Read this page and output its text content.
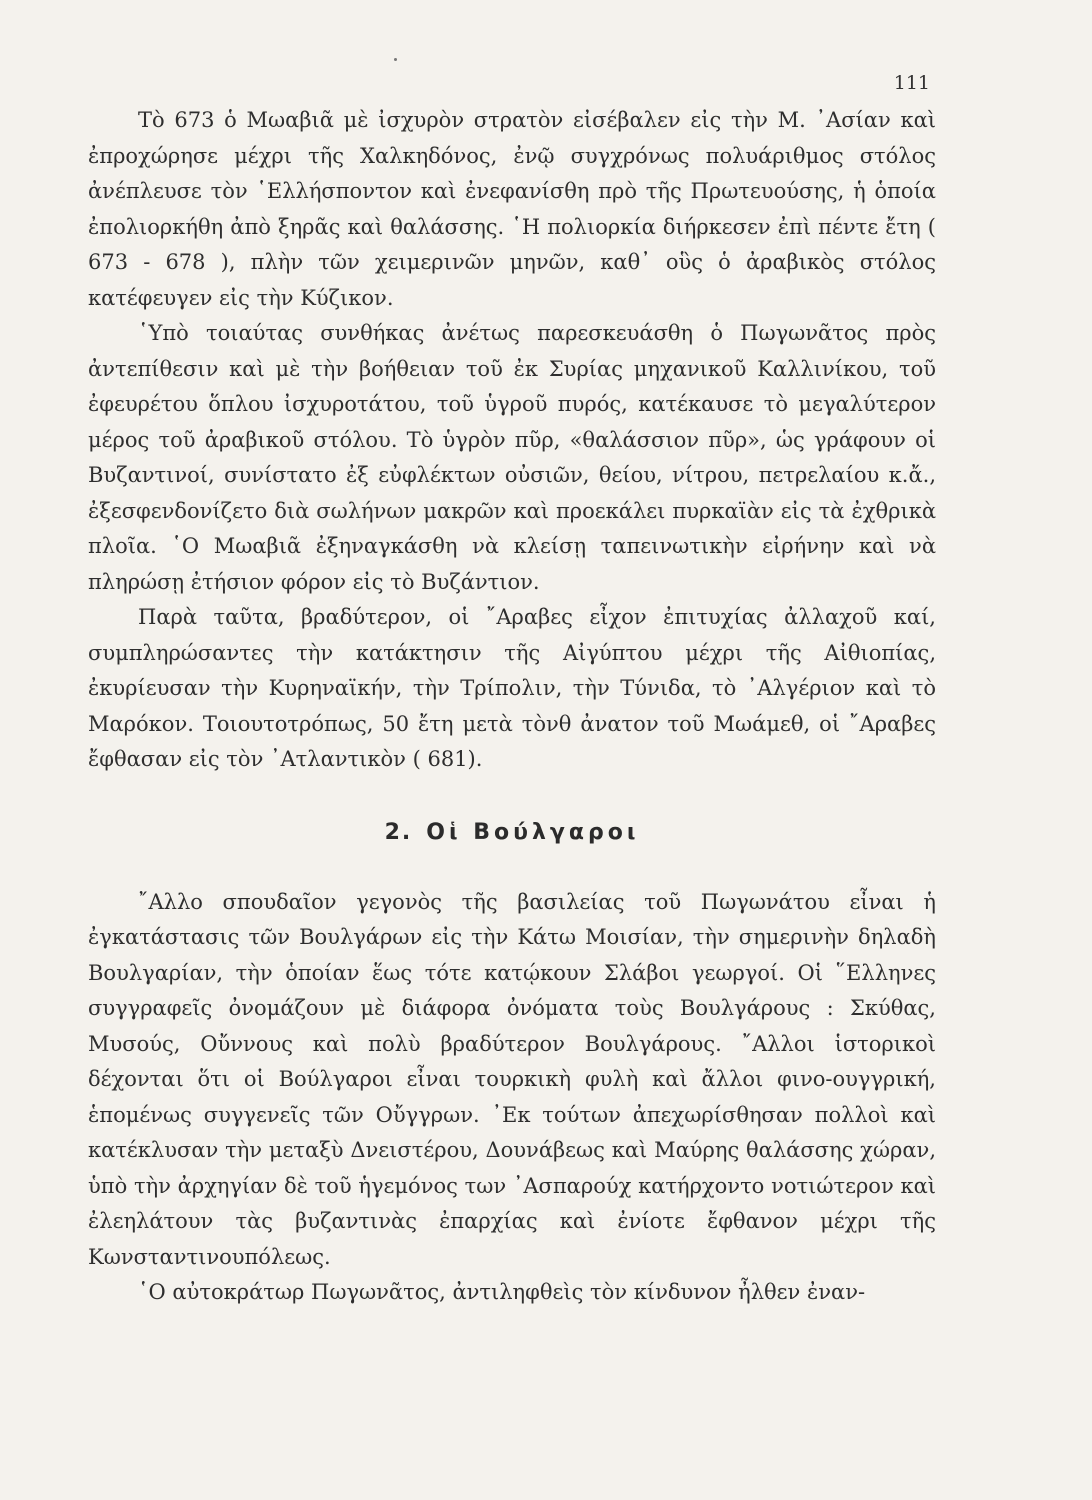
111

Τὸ 673 ὁ Μωαβιᾶ μὲ ἰσχυρὸν στρατὸν εἰσέβαλεν εἰς τὴν Μ. ᾿Ασίαν καὶ ἐπροχώρησε μέχρι τῆς Χαλκηδόνος, ἐνῷ συγχρόνως πολυάριθμος στόλος ἀνέπλευσε τὸν ῾Ελλήσποντον καὶ ἐνεφανίσθη πρὸ τῆς Πρωτευούσης, ἡ ὁποία ἐπολιορκήθη ἀπὸ ξηρᾶς καὶ θαλάσσης. ῾Η πολιορκία διήρκεσεν ἐπὶ πέντε ἔτη ( 673 - 678 ), πλὴν τῶν χειμερινῶν μηνῶν, καθ᾿ οὓς ὁ ἀραβικὸς στόλος κατέφευγεν εἰς τὴν Κύζικον.

῾Υπὸ τοιαύτας συνθήκας ἀνέτως παρεσκευάσθη ὁ Πωγωνᾶτος πρὸς ἀντεπίθεσιν καὶ μὲ τὴν βοήθειαν τοῦ ἐκ Συρίας μηχανικοῦ Καλλινίκου, τοῦ ἐφευρέτου ὅπλου ἰσχυροτάτου, τοῦ ὑγροῦ πυρός, κατέκαυσε τὸ μεγαλύτερον μέρος τοῦ ἀραβικοῦ στόλου. Τὸ ὑγρὸν πῦρ, «θαλάσσιον πῦρ», ὡς γράφουν οἱ Βυζαντινοί, συνίστατο ἐξ εὐφλέκτων οὐσιῶν, θείου, νίτρου, πετρελαίου κ.ἄ., ἐξεσφενδονίζετο διὰ σωλήνων μακρῶν καὶ προεκάλει πυρκαϊὰν εἰς τὰ ἐχθρικὰ πλοῖα. ῾Ο Μωαβιᾶ ἐξηναγκάσθη νὰ κλείσῃ ταπεινωτικὴν εἰρήνην καὶ νὰ πληρώσῃ ἐτήσιον φόρον εἰς τὸ Βυζάντιον.

Παρὰ ταῦτα, βραδύτερον, οἱ ῎Αραβες εἶχον ἐπιτυχίας ἀλλαχοῦ καί, συμπληρώσαντες τὴν κατάκτησιν τῆς Αἰγύπτου μέχρι τῆς Αἰθιοπίας, ἐκυρίευσαν τὴν Κυρηναϊκήν, τὴν Τρίπολιν, τὴν Τύνιδα, τὸ ᾿Αλγέριον καὶ τὸ Μαρόκον. Τοιουτοτρόπως, 50 ἔτη μετὰ τὸνθ ἀνατον τοῦ Μωάμεθ, οἱ ῎Αραβες ἔφθασαν εἰς τὸν ᾿Ατλαντικὸν ( 681).

2. Οἱ Βούλγαροι

῎Αλλο σπουδαῖον γεγονὸς τῆς βασιλείας τοῦ Πωγωνάτου εἶναι ἡ ἐγκατάστασις τῶν Βουλγάρων εἰς τὴν Κάτω Μοισίαν, τὴν σημερινὴν δηλαδὴ Βουλγαρίαν, τὴν ὁποίαν ἕως τότε κατῴκουν Σλάβοι γεωργοί. Οἱ ῞Ελληνες συγγραφεῖς ὀνομάζουν μὲ διάφορα ὀνόματα τοὺς Βουλγάρους : Σκύθας, Μυσούς, Οὔννους καὶ πολὺ βραδύτερον Βουλγάρους. ῎Αλλοι ἱστορικοὶ δέχονται ὅτι οἱ Βούλγαροι εἶναι τουρκικὴ φυλὴ καὶ ἄλλοι φινο-ουγγρική, ἑπομένως συγγενεῖς τῶν Οὔγγρων. ᾿Εκ τούτων ἀπεχωρίσθησαν πολλοὶ καὶ κατέκλυσαν τὴν μεταξὺ Δνειστέρου, Δουνάβεως καὶ Μαύρης θαλάσσης χώραν, ὑπὸ τὴν ἀρχηγίαν δὲ τοῦ ἡγεμόνος των ᾿Ασπαρούχ κατήρχοντο νοτιώτερον καὶ ἐλεηλάτουν τὰς βυζαντινὰς ἐπαρχίας καὶ ἐνίοτε ἔφθανον μέχρι τῆς Κωνσταντινουπόλεως.

῾Ο αὐτοκράτωρ Πωγωνᾶτος, ἀντιληφθεὶς τὸν κίνδυνον ἦλθεν ἐναν-
